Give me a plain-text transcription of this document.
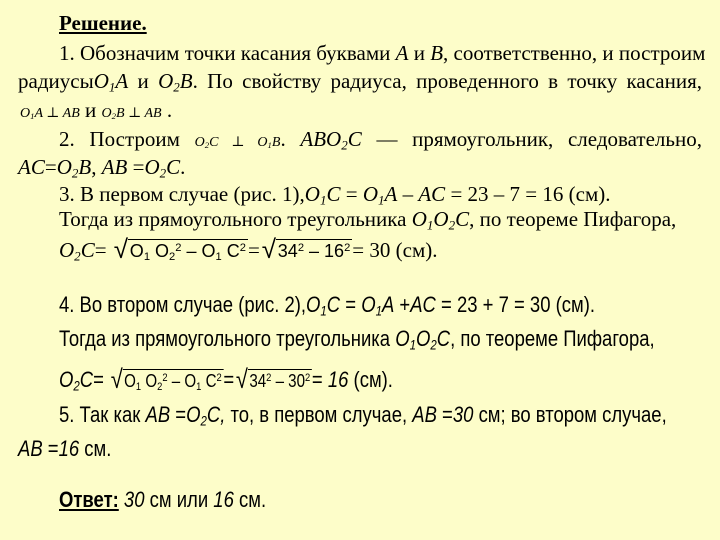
Решение.
1. Обозначим точки касания буквами A и B, соответственно, и построим
радиусыO$_1$A и $O_2B$. По свойству радиуса, проведенного в точку касания,
$O_1A$ ⊥ AB и $O_2B$ ⊥ AB .
2. Построим $O_2C$ ⊥ $O_1B$. $ABO_2C$ — прямоугольник, следовательно,
$AC=O_2B$, AB $=O_2C$.
3. В первом случае (рис. $1),O_1C = O_1A$ – AC = 23 – 7 = 16 (см).
Тогда из прямоугольного треугольника $O_1O_2C$, по теореме Пифагора,
$O_2C=$ √ $O_1$ $O_2^2 - O_1$ $C^2=$ √ $34^2 - 16^2= 30$ (см).
4. Во втором случае (рис. $2),O_1C = O_1A +AC = 23 + 7 = 30$ (см).
Тогда из прямоугольного треугольника $O_1O_2C$, по теореме Пифагора,
$O_2C=$ √ $O_1$ $O_2^2 - O_1$ $C^2=$ √ $34^2 - 30^2= 16$ (см).
5. Так как AB $=O_2C$, то, в первом случае, AB =30 см; во втором случае,
AB =16 см.
Ответ: 30 см или 16 см.
